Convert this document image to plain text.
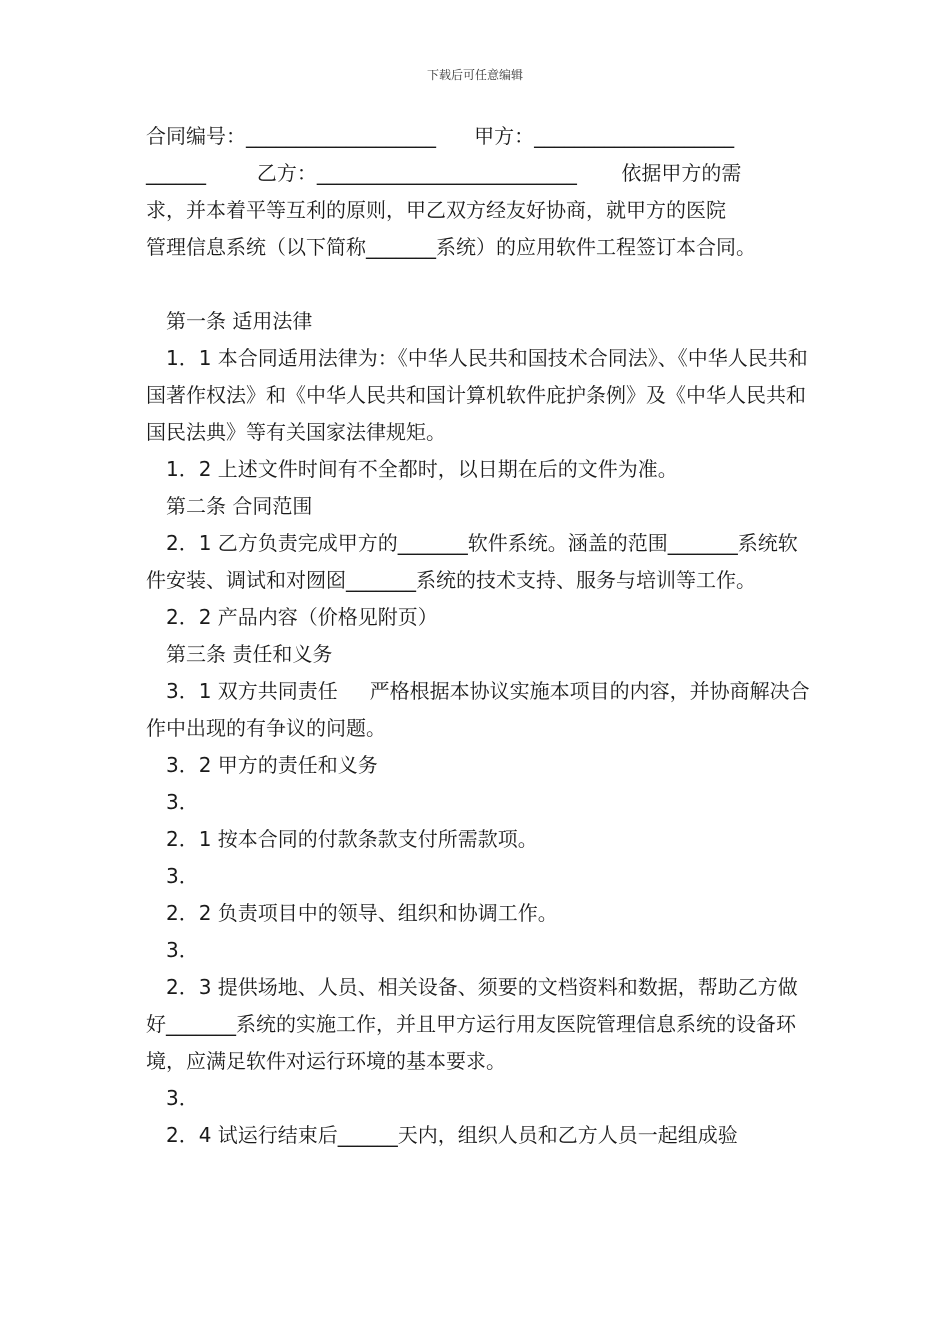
下载后可任意编辑

合同编号：___________________      甲方：____________________

______        乙方：__________________________       依据甲方的需

求，并本着平等互利的原则，甲乙双方经友好协商，就甲方的医院

管理信息系统（以下简称_______系统）的应用软件工程签订本合同。

第一条 适用法律

1．1 本合同适用法律为：《中华人民共和国技术合同法》、《中华人民共和国著作权法》和《中华人民共和国计算机软件庇护条例》及《中华人民共和国民法典》等有关国家法律规矩。

1．2 上述文件时间有不全都时，以日期在后的文件为准。

第二条 合同范围

2．1 乙方负责完成甲方的_______软件系统。涵盖的范围_______系统软件安装、调试和对囫囵_______系统的技术支持、服务与培训等工作。

2．2 产品内容（价格见附页）

第三条 责任和义务

3．1 双方共同责任     严格根据本协议实施本项目的内容，并协商解决合作中出现的有争议的问题。

3．2 甲方的责任和义务

3．

2．1 按本合同的付款条款支付所需款项。

3．

2．2 负责项目中的领导、组织和协调工作。

3．

2．3 提供场地、人员、相关设备、须要的文档资料和数据，帮助乙方做好_______系统的实施工作，并且甲方运行用友医院管理信息系统的设备环境，应满足软件对运行环境的基本要求。

3．

2．4 试运行结束后______天内，组织人员和乙方人员一起组成验
